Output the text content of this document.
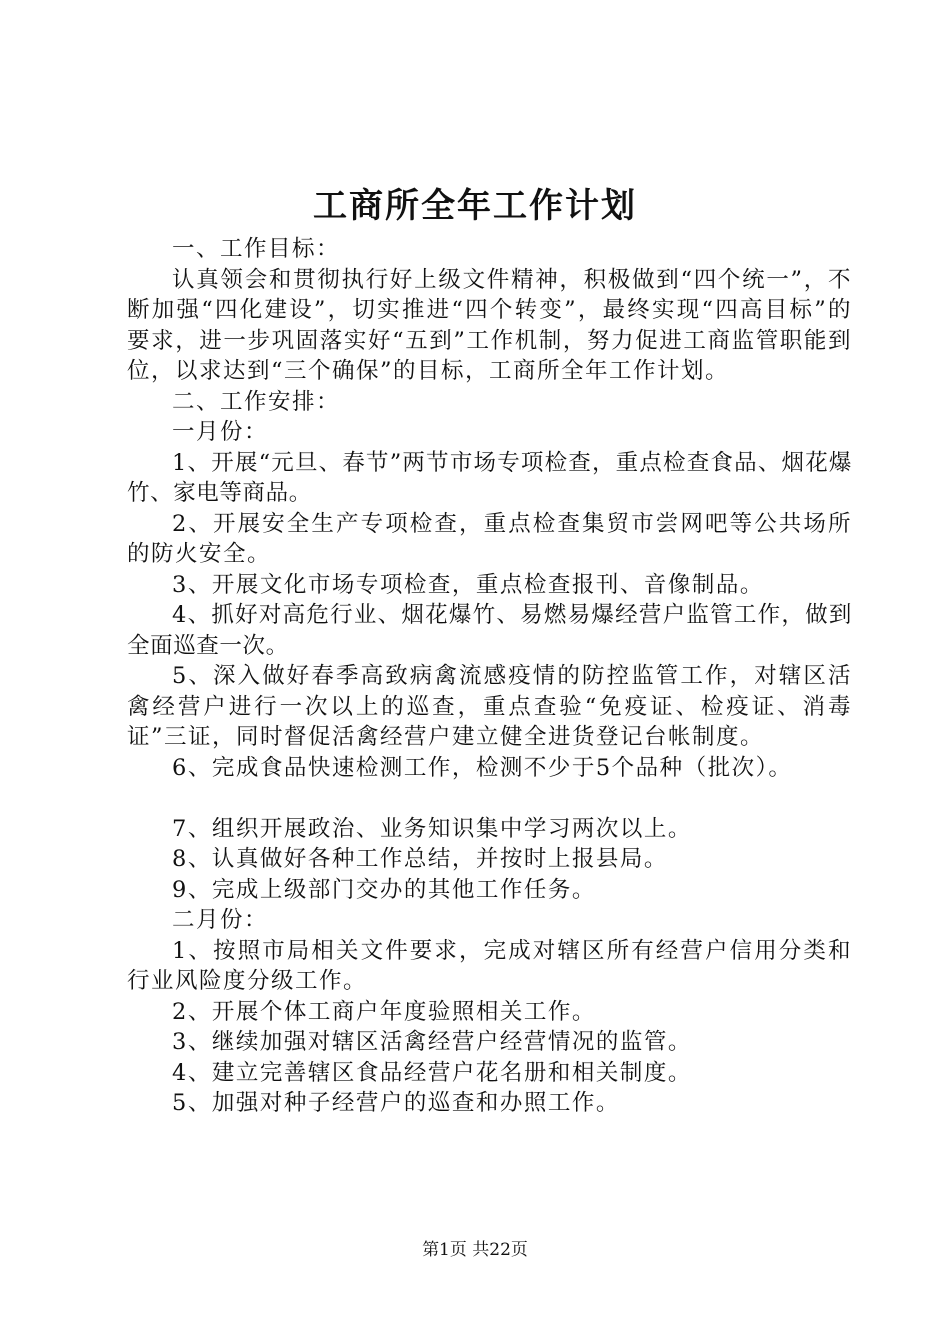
工商所全年工作计划

一、工作目标：

认真领会和贯彻执行好上级文件精神，积极做到“四个统一”，不断加强“四化建设”，切实推进“四个转变”，最终实现“四高目标”的要求，进一步巩固落实好“五到”工作机制，努力促进工商监管职能到位，以求达到“三个确保”的目标，工商所全年工作计划。

二、工作安排：

一月份：

1、开展“元旦、春节”两节市场专项检查，重点检查食品、烟花爆竹、家电等商品。

2、开展安全生产专项检查，重点检查集贸市尝网吧等公共场所的防火安全。

3、开展文化市场专项检查，重点检查报刊、音像制品。

4、抓好对高危行业、烟花爆竹、易燃易爆经营户监管工作，做到全面巡查一次。

5、深入做好春季高致病禽流感疫情的防控监管工作，对辖区活禽经营户进行一次以上的巡查，重点查验“免疫证、检疫证、消毒证”三证，同时督促活禽经营户建立健全进货登记台帐制度。

6、完成食品快速检测工作，检测不少于5个品种（批次）。

7、组织开展政治、业务知识集中学习两次以上。

8、认真做好各种工作总结，并按时上报县局。

9、完成上级部门交办的其他工作任务。

二月份：

1、按照市局相关文件要求，完成对辖区所有经营户信用分类和行业风险度分级工作。

2、开展个体工商户年度验照相关工作。

3、继续加强对辖区活禽经营户经营情况的监管。

4、建立完善辖区食品经营户花名册和相关制度。

5、加强对种子经营户的巡查和办照工作。

第1页 共22页
